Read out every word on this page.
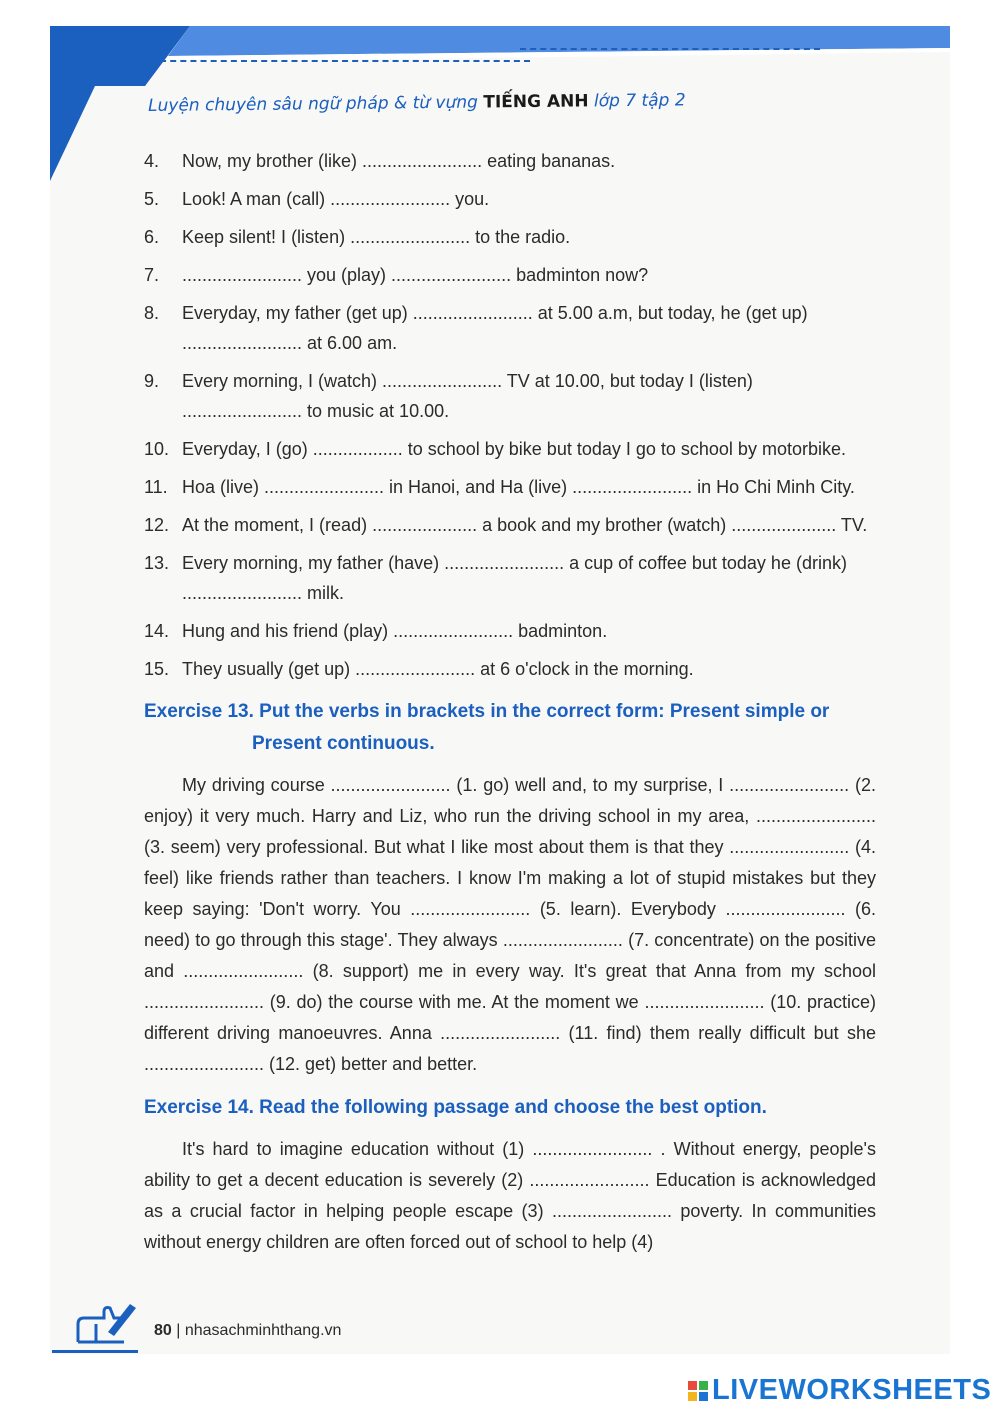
Luyện chuyên sâu ngữ pháp & từ vựng TIẾNG ANH lớp 7 tập 2
4.	Now, my brother (like) ........................ eating bananas.
5.	Look! A man (call) ........................ you.
6.	Keep silent! I (listen) ........................ to the radio.
7.	........................ you (play) ........................ badminton now?
8.	Everyday, my father (get up) ........................ at 5.00 a.m, but today, he (get up) ........................ at 6.00 am.
9.	Every morning, I (watch) ........................ TV at 10.00, but today I (listen) ........................ to music at 10.00.
10. Everyday, I (go) .................. to school by bike but today I go to school by motorbike.
11. Hoa (live) ........................ in Hanoi, and Ha (live) ........................ in Ho Chi Minh City.
12. At the moment, I (read) ..................... a book and my brother (watch) ..................... TV.
13. Every morning, my father (have) ........................ a cup of coffee but today he (drink) ........................ milk.
14. Hung and his friend (play) ........................ badminton.
15. They usually (get up) ........................ at 6 o'clock in the morning.
Exercise 13. Put the verbs in brackets in the correct form: Present simple or
Present continuous.

My driving course ........................ (1. go) well and, to my surprise, I ........................ (2. enjoy) it very much. Harry and Liz, who run the driving school in my area, ........................ (3. seem) very professional. But what I like most about them is that they ........................ (4. feel) like friends rather than teachers. I know I'm making a lot of stupid mistakes but they keep saying: 'Don't worry. You ........................ (5. learn). Everybody ........................ (6. need) to go through this stage'. They always ........................ (7. concentrate) on the positive and ........................ (8. support) me in every way. It's great that Anna from my school ........................ (9. do) the course with me. At the moment we ........................ (10. practice) different driving manoeuvres. Anna ........................ (11. find) them really difficult but she ........................ (12. get) better and better.

Exercise 14. Read the following passage and choose the best option.

It's hard to imagine education without (1) ........................ . Without energy, people's ability to get a decent education is severely (2) ........................ Education is acknowledged as a crucial factor in helping people escape (3) ........................ poverty. In communities without energy children are often forced out of school to help (4)

80 | nhasachminhthang.vn
LIVEWORKSHEETS
